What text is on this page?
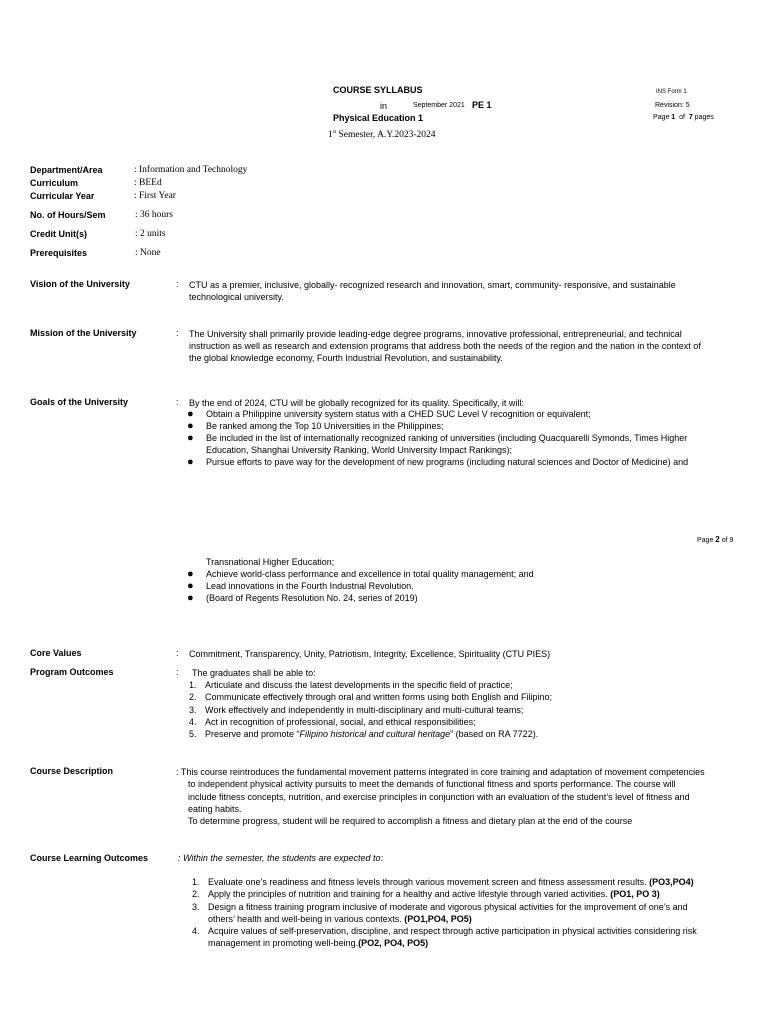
COURSE SYLLABUS
in	September 2021 PE 1
Physical Education 1
1st Semester, A.Y.2023-2024
INS Form 1
Revision: 5
Page 1  of  7 pages
Department/Area	: Information and Technology
Curriculum	: BEEd
Curricular Year	: First Year
No. of Hours/Sem	: 36 hours
Credit Unit(s)	: 2 units
Prerequisites	: None
Vision of the University	: CTU as a premier, inclusive, globally- recognized research and innovation, smart, community- responsive, and sustainable
technological university.
Mission of the University	: The University shall primarily provide leading-edge degree programs, innovative professional, entrepreneurial, and technical
instruction as well as research and extension programs that address both the needs of the region and the nation in the context of
the global knowledge economy, Fourth Industrial Revolution, and sustainability.
Goals of the University	: By the end of 2024, CTU will be globally recognized for its quality. Specifically, it will:
●	Obtain a Philippine university system status with a CHED SUC Level V recognition or equivalent;
●	Be ranked among the Top 10 Universities in the Philippines;
●	Be included in the list of internationally recognized ranking of universities (including Quacquarelli Symonds, Times Higher
Education, Shanghai University Ranking, World University Impact Rankings);
●	Pursue efforts to pave way for the development of new programs (including natural sciences and Doctor of Medicine) and
Page 2 of 9
Transnational Higher Education;
●	Achieve world-class performance and excellence in total quality management; and
●	Lead innovations in the Fourth Industrial Revolution.
●	(Board of Regents Resolution No. 24, series of 2019)
Core Values	: Commitment, Transparency, Unity, Patriotism, Integrity, Excellence, Spirituality (CTU PIES)
Program Outcomes	: The graduates shall be able to:
1. Articulate and discuss the latest developments in the specific field of practice;
2. Communicate effectively through oral and written forms using both English and Filipino;
3. Work effectively and independently in multi-disciplinary and multi-cultural teams;
4. Act in recognition of professional, social, and ethical responsibilities;
5. Preserve and promote “Filipino historical and cultural heritage” (based on RA 7722).
Course Description	: This course reintroduces the fundamental movement patterns integrated in core training and adaptation of movement competencies
to independent physical activity pursuits to meet the demands of functional fitness and sports performance. The course will
include fitness concepts, nutrition, and exercise principles in conjunction with an evaluation of the student’s level of fitness and
eating habits.
To determine progress, student will be required to accomplish a fitness and dietary plan at the end of the course
Course Learning Outcomes	: Within the semester, the students are expected to:
1. Evaluate one’s readiness and fitness levels through various movement screen and fitness assessment results. (PO3,PO4)
2. Apply the principles of nutrition and training for a healthy and active lifestyle through varied activities. (PO1, PO 3)
3. Design a fitness training program inclusive of moderate and vigorous physical activities for the improvement of one’s and
others’ health and well-being in various contexts. (PO1,PO4, PO5)
4. Acquire values of self-preservation, discipline, and respect through active participation in physical activities considering risk
management in promoting well-being.(PO2, PO4, PO5)
